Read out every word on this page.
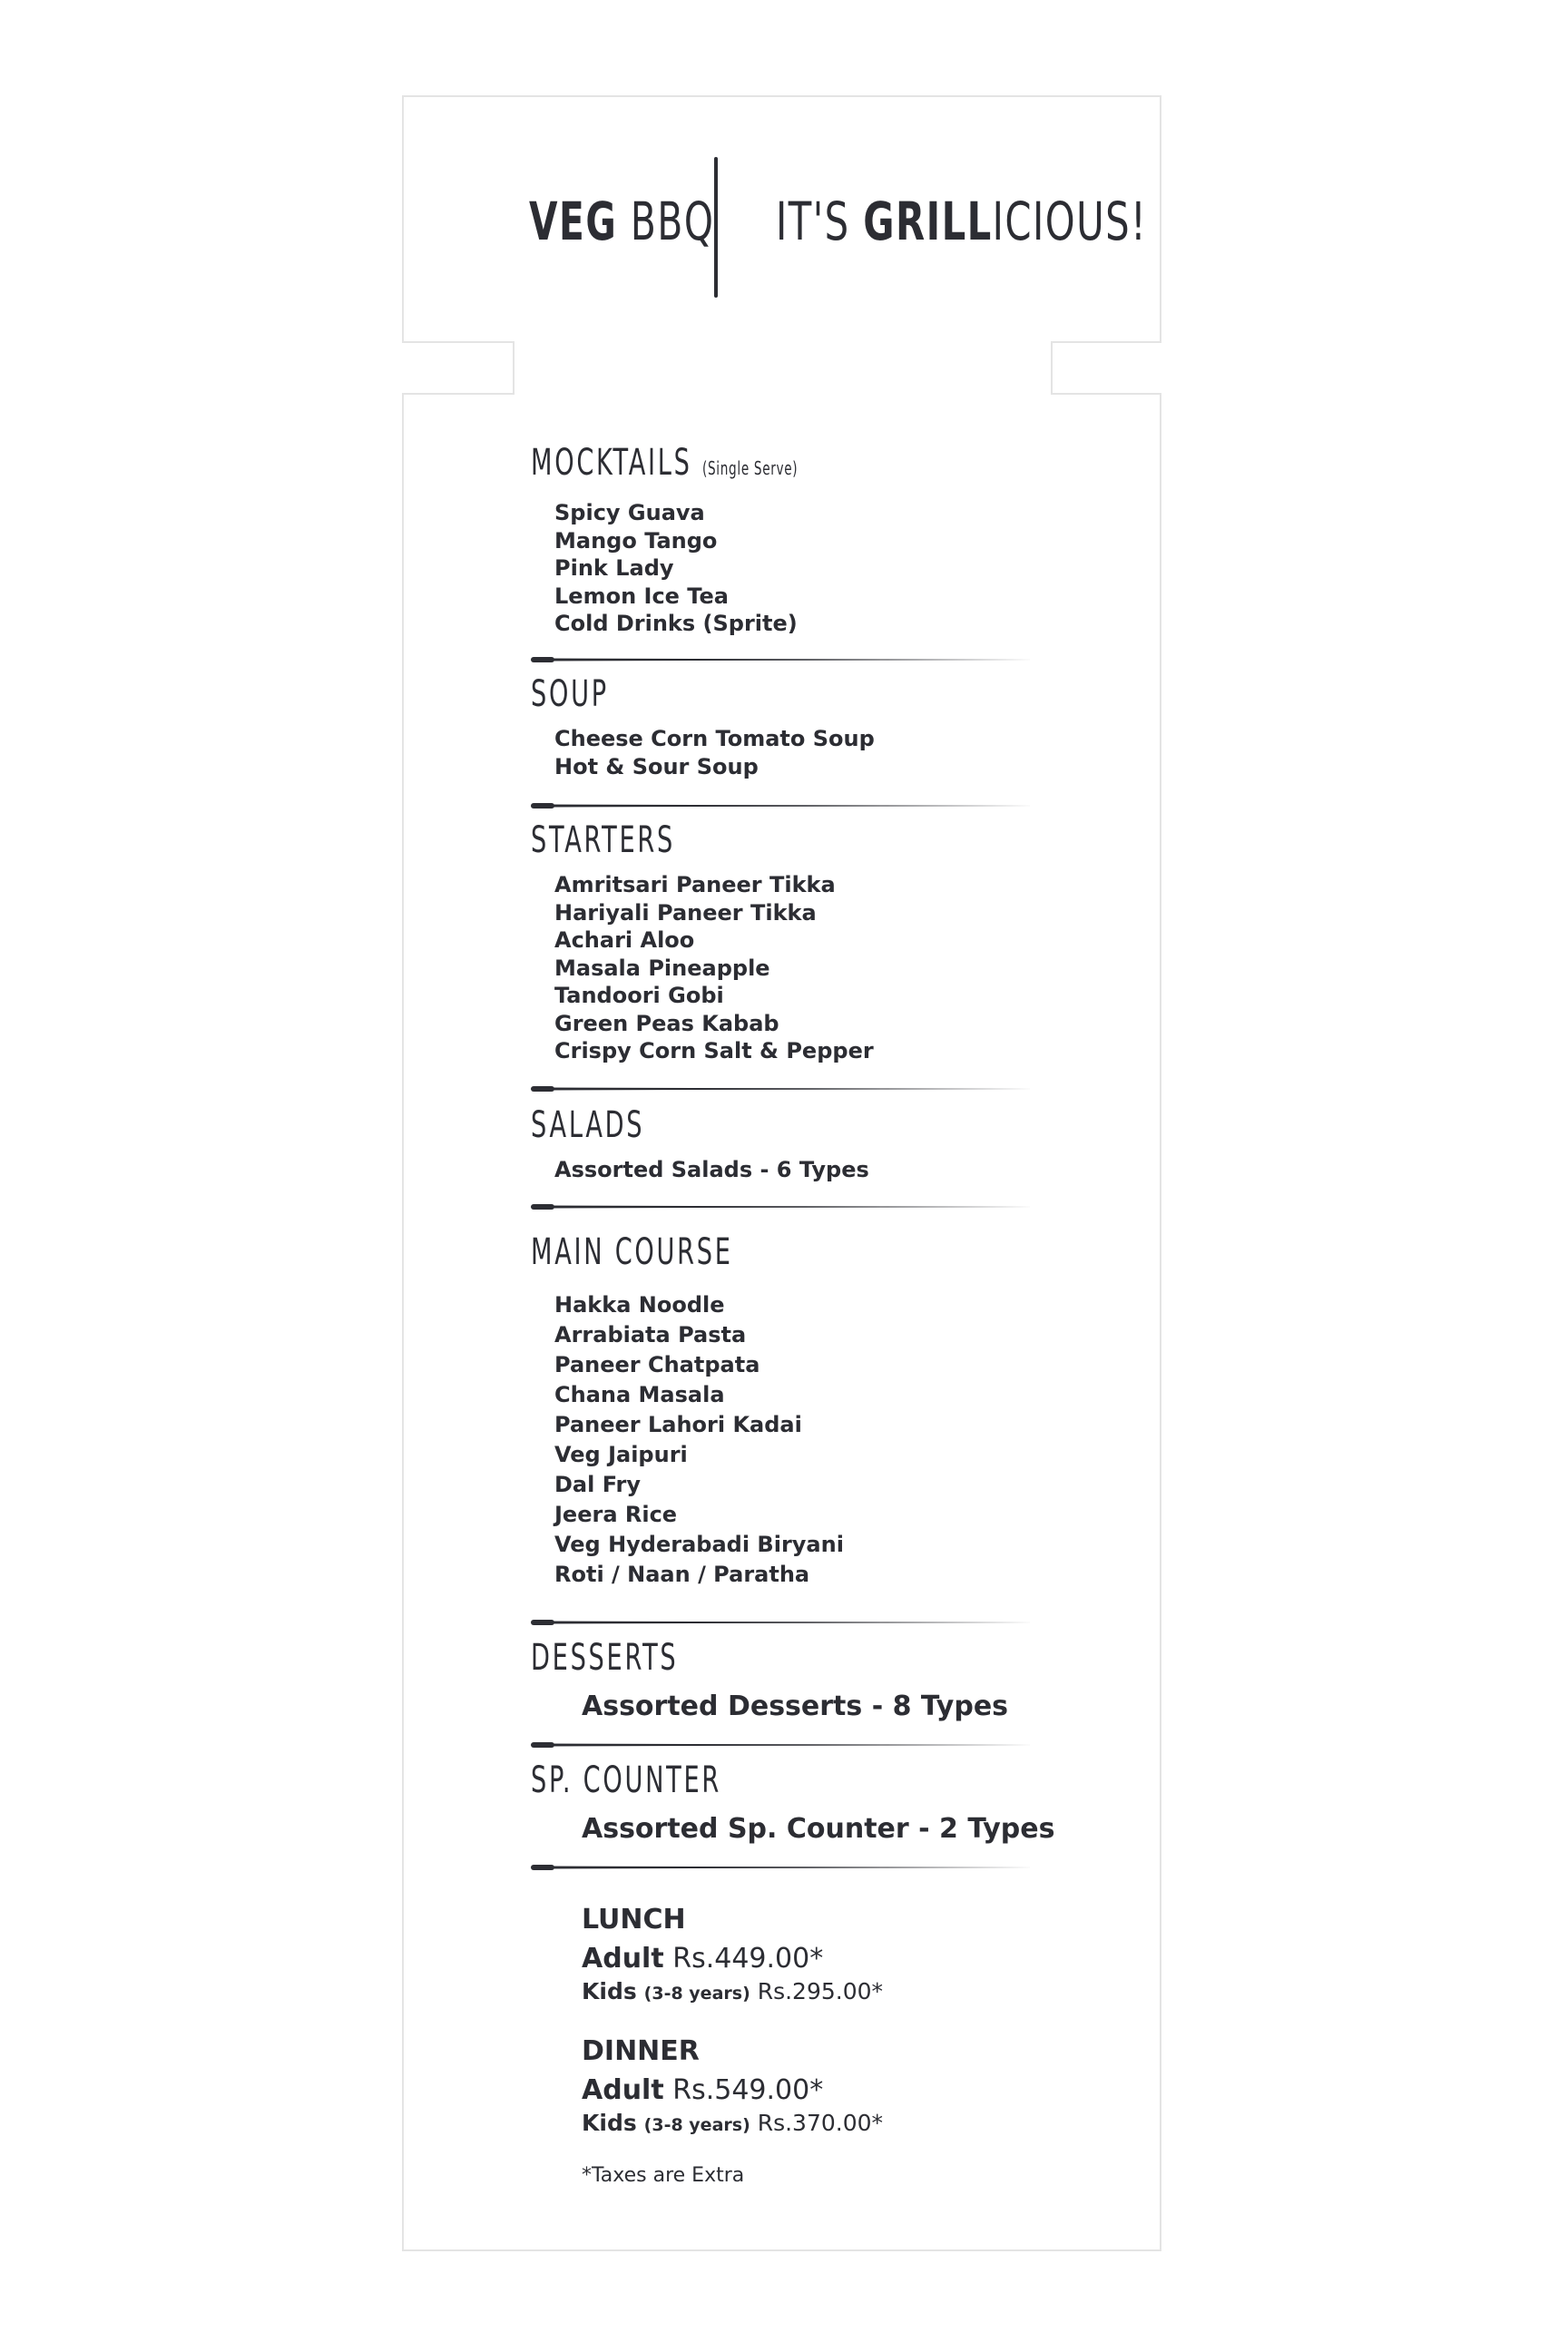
VEG BBQ IT'S GRILLICIOUS!
MOCKTAILS (Single Serve)
Spicy Guava
Mango Tango
Pink Lady
Lemon Ice Tea
Cold Drinks (Sprite)
SOUP
Cheese Corn Tomato Soup
Hot & Sour Soup
STARTERS
Amritsari Paneer Tikka
Hariyali Paneer Tikka
Achari Aloo
Masala Pineapple
Tandoori Gobi
Green Peas Kabab
Crispy Corn Salt & Pepper
SALADS
Assorted Salads - 6 Types
MAIN COURSE
Hakka Noodle
Arrabiata Pasta
Paneer Chatpata
Chana Masala
Paneer Lahori Kadai
Veg Jaipuri
Dal Fry
Jeera Rice
Veg Hyderabadi Biryani
Roti / Naan / Paratha
DESSERTS
Assorted Desserts - 8 Types
SP. COUNTER
Assorted Sp. Counter - 2 Types
LUNCH
Adult Rs.449.00*
Kids (3-8 years) Rs.295.00*
DINNER
Adult Rs.549.00*
Kids (3-8 years) Rs.370.00*
*Taxes are Extra
